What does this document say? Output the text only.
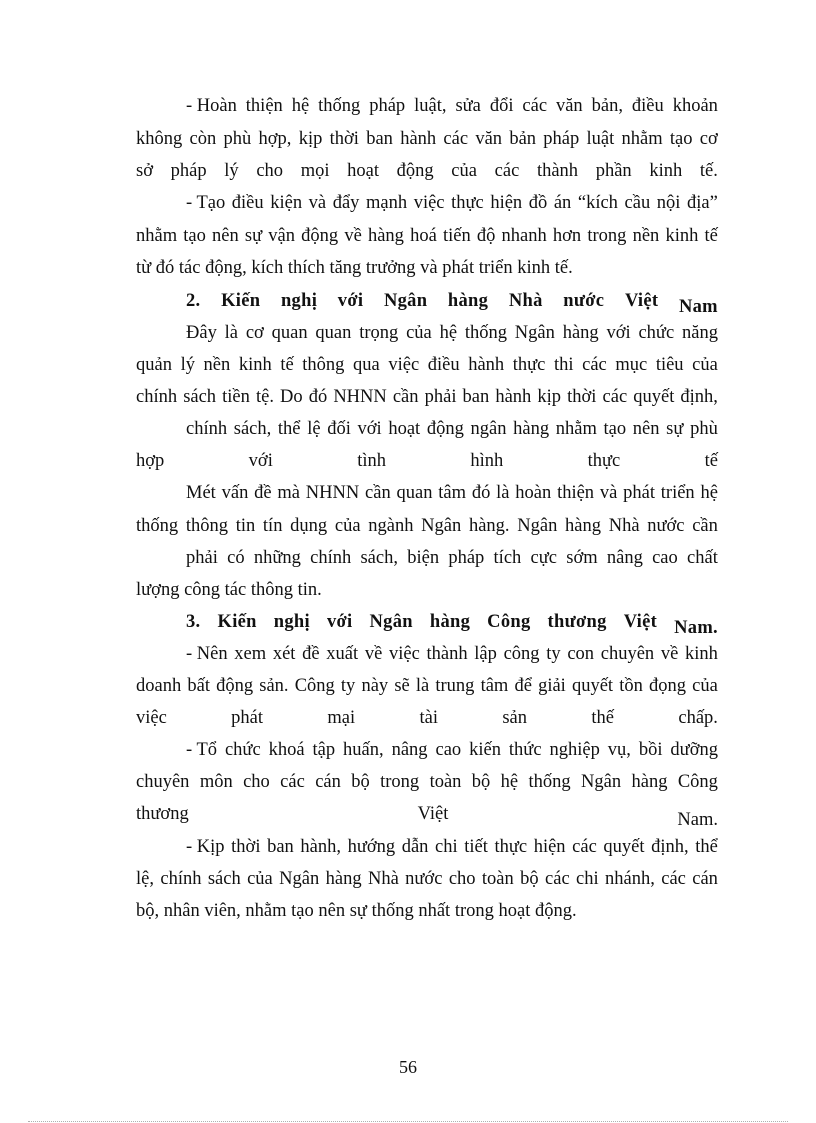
- Hoàn thiện hệ thống pháp luật, sửa đổi các văn bản, điều khoản
không còn phù hợp, kịp thời ban hành các văn bản pháp luật nhằm tạo cơ
sở pháp lý cho mọi hoạt động của các thành phần kinh tế.
- Tạo điều kiện và đẩy mạnh việc thực hiện đồ án “kích cầu nội địa”
nhằm tạo nên sự vận động về hàng hoá tiến độ nhanh hơn trong nền kinh tế
từ đó tác động, kích thích tăng trưởng và phát triển kinh tế.
2. Kiến nghị với Ngân hàng Nhà nước Việt Nam
Đây là cơ quan quan trọng của hệ thống Ngân hàng với chức năng
quản lý nền kinh tế thông qua việc điều hành thực thi các mục tiêu của
chính sách tiền tệ. Do đó NHNN cần phải ban hành kịp thời các quyết định,
chính sách, thể lệ đối với hoạt động ngân hàng nhằm tạo nên sự phù
hợp	với	tình	hình	thực	tế
Mét vấn đề mà NHNN cần quan tâm đó là hoàn thiện và phát triển hệ
thống thông tin tín dụng của ngành Ngân hàng. Ngân hàng Nhà nước cần
phải có những chính sách, biện pháp tích cực sớm nâng cao chất
lượng công tác thông tin.
3. Kiến nghị với Ngân hàng Công thương Việt Nam.
- Nên xem xét đề xuất về việc thành lập công ty con chuyên về kinh
doanh bất động sản. Công ty này sẽ là trung tâm để giải quyết tồn đọng của
việc	phát	mại	tài	sản	thế	chấp.
- Tổ chức khoá tập huấn, nâng cao kiến thức nghiệp vụ, bồi dưỡng
chuyên môn cho các cán bộ trong toàn bộ hệ thống Ngân hàng Công
thương	Việt	Nam.
- Kịp thời ban hành, hướng dẫn chi tiết thực hiện các quyết định, thể
lệ, chính sách của Ngân hàng Nhà nước cho toàn bộ các chi nhánh, các cán
bộ, nhân viên, nhằm tạo nên sự thống nhất trong hoạt động.
56
